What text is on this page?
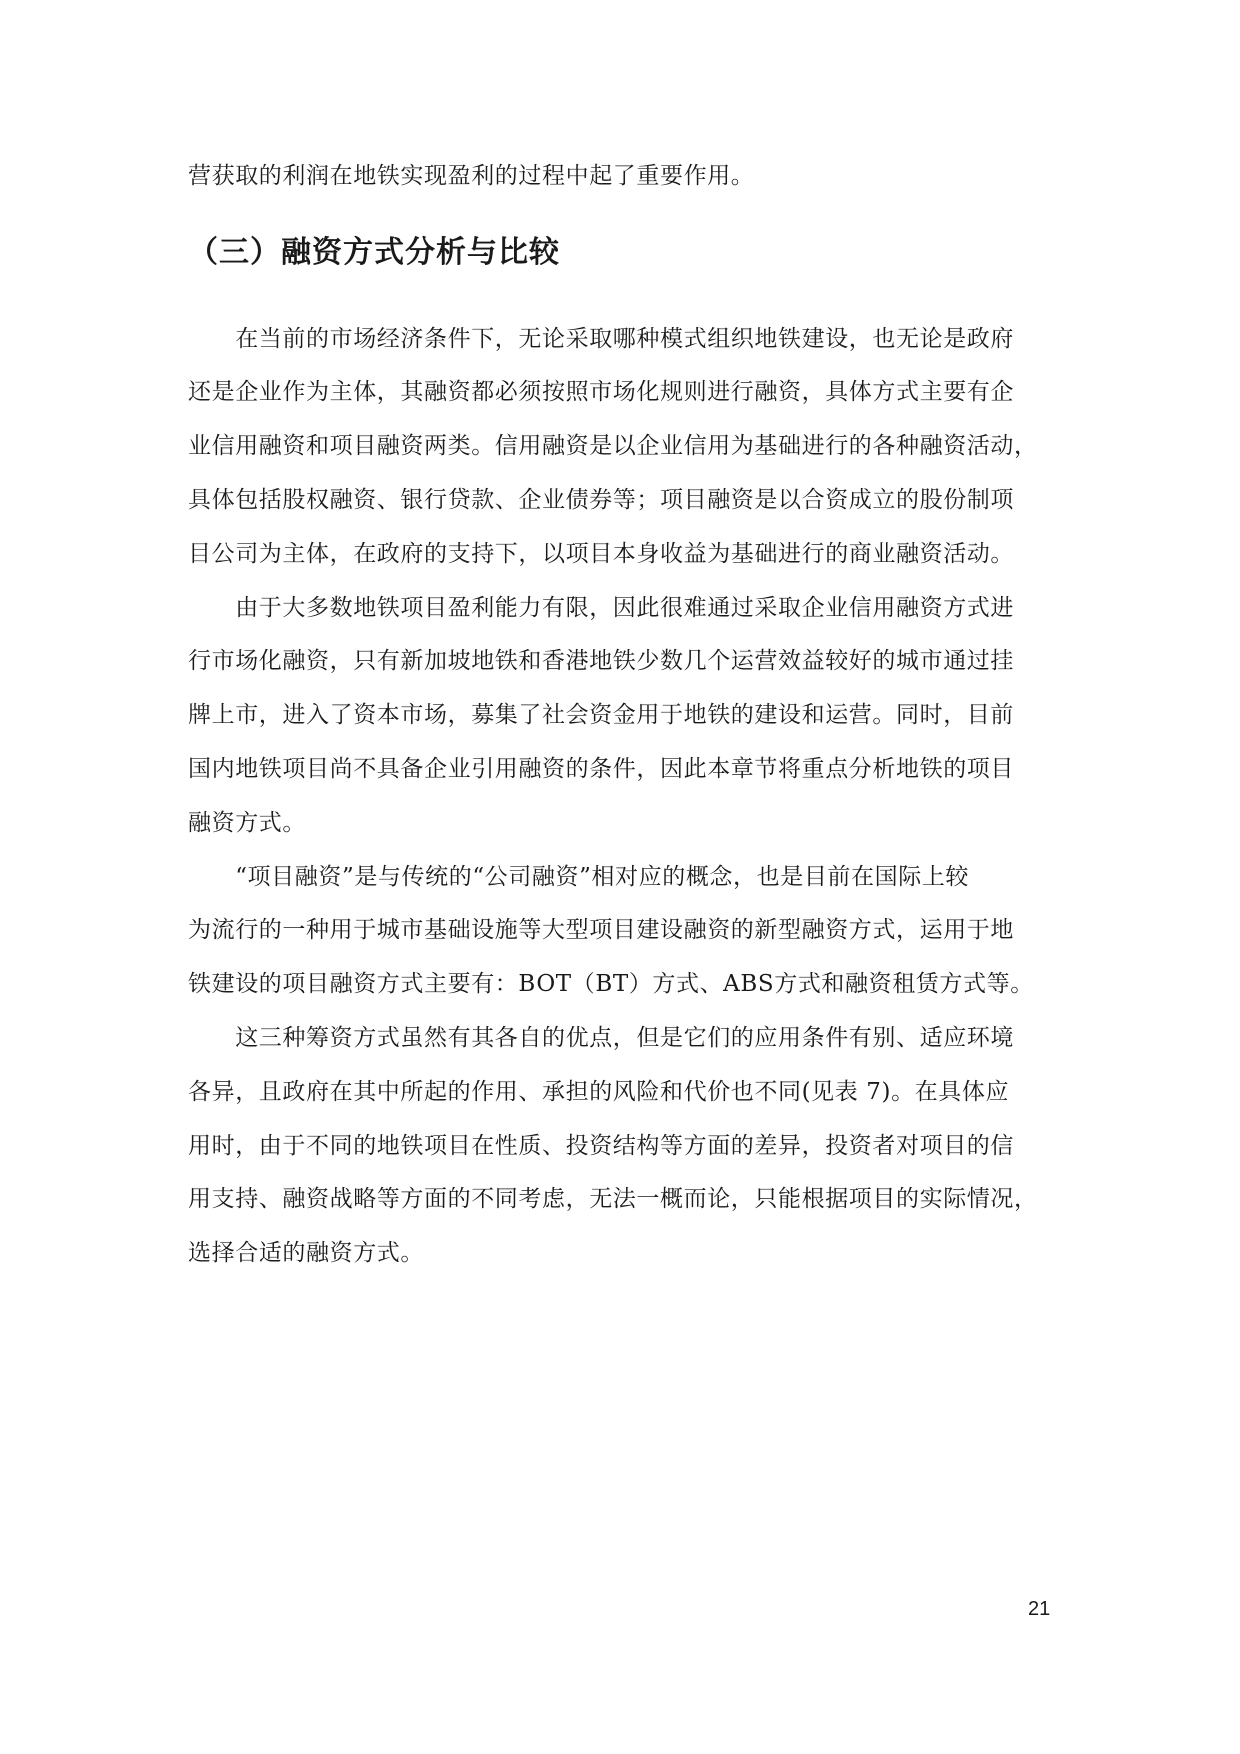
营获取的利润在地铁实现盈利的过程中起了重要作用。
（三）融资方式分析与比较
　　在当前的市场经济条件下，无论采取哪种模式组织地铁建设，也无论是政府
还是企业作为主体，其融资都必须按照市场化规则进行融资，具体方式主要有企
业信用融资和项目融资两类。信用融资是以企业信用为基础进行的各种融资活动，
具体包括股权融资、银行贷款、企业债券等；项目融资是以合资成立的股份制项
目公司为主体，在政府的支持下，以项目本身收益为基础进行的商业融资活动。
　　由于大多数地铁项目盈利能力有限，因此很难通过采取企业信用融资方式进
行市场化融资，只有新加坡地铁和香港地铁少数几个运营效益较好的城市通过挂
牌上市，进入了资本市场，募集了社会资金用于地铁的建设和运营。同时，目前
国内地铁项目尚不具备企业引用融资的条件，因此本章节将重点分析地铁的项目
融资方式。
　　“项目融资”是与传统的“公司融资”相对应的概念，也是目前在国际上较
为流行的一种用于城市基础设施等大型项目建设融资的新型融资方式，运用于地
铁建设的项目融资方式主要有：BOT（BT）方式、ABS方式和融资租赁方式等。
　　这三种筹资方式虽然有其各自的优点，但是它们的应用条件有别、适应环境
各异，且政府在其中所起的作用、承担的风险和代价也不同(见表 7)。在具体应
用时，由于不同的地铁项目在性质、投资结构等方面的差异，投资者对项目的信
用支持、融资战略等方面的不同考虑，无法一概而论，只能根据项目的实际情况，
选择合适的融资方式。
21
